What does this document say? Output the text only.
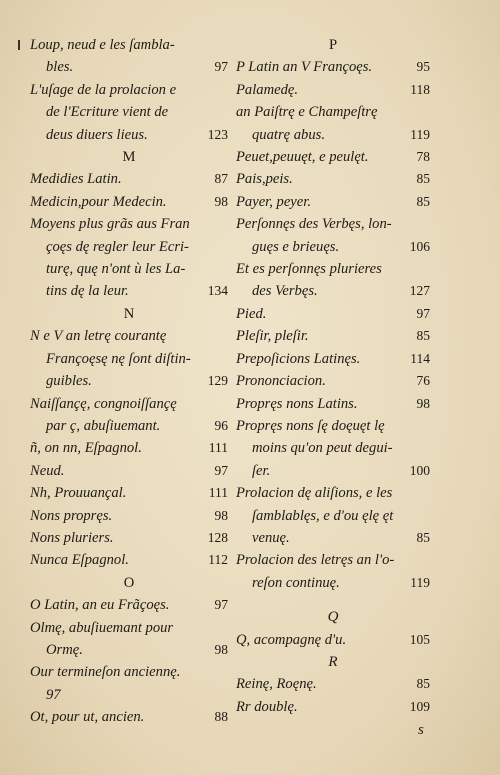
Loup, neud e les ſambla-
bles.	97
L'uſage de la prolacion e
de l'Ecriture vient de
deus diuers lieus.	123
M
Medidies Latin.	87
Medicin,pour Medecin.	98
Moyens plus grãs aus Fran
çoęs dę regler leur Ecri-
turę, quę n'ont ù les La-
tins dę la leur.	134
N
N e V an letrę courantę
Françoęsę nę ſont diſtin-
guibles.	129
Naiſſançę, congnoiſſançę
par ç, abuſiuemant.	96
ñ, on nn, Eſpagnol.	111
Neud.	97
Nh, Prouuançal.	111
Nons propręs.	98
Nons pluriers.	128
Nunca Eſpagnol.	112
O
O Latin, an eu Frãçoęs.	97
Olmę, abuſiuemant pour
Ormę.	98
Our termineſon anciennę.
97
Ot, pour ut, ancien.	88
P
P Latin an V Françoęs.	95
Palamedę.	118
an Paiſtrę e Champeſtrę
quatrę abus.	119
Peuet,peuuęt, e peulęt.	78
Pais,peis.	85
Payer, peyer.	85
Perſonnęs des Verbęs, lon-
guęs e brieuęs.	106
Et es perſonnęs plurieres
des Verbęs.	127
Pied.	97
Pleſir, pleſir.	85
Prepoſicions Latinęs.	114
Prononciacion.	76
Propręs nons Latins.	98
Propręs nons ſę doęuęt lę
moins qu'on peut degui-
ſer.	100
Prolacion dę aliſions, e les
ſamblablęs, e d'ou ęlę ęt
venuę.	85
Prolacion des letręs an l'o-
reſon continuę.	119
Q
Q, acompagnę d'u.	105
R
Reinę, Roęnę.	85
Rr doublę.	109
s
